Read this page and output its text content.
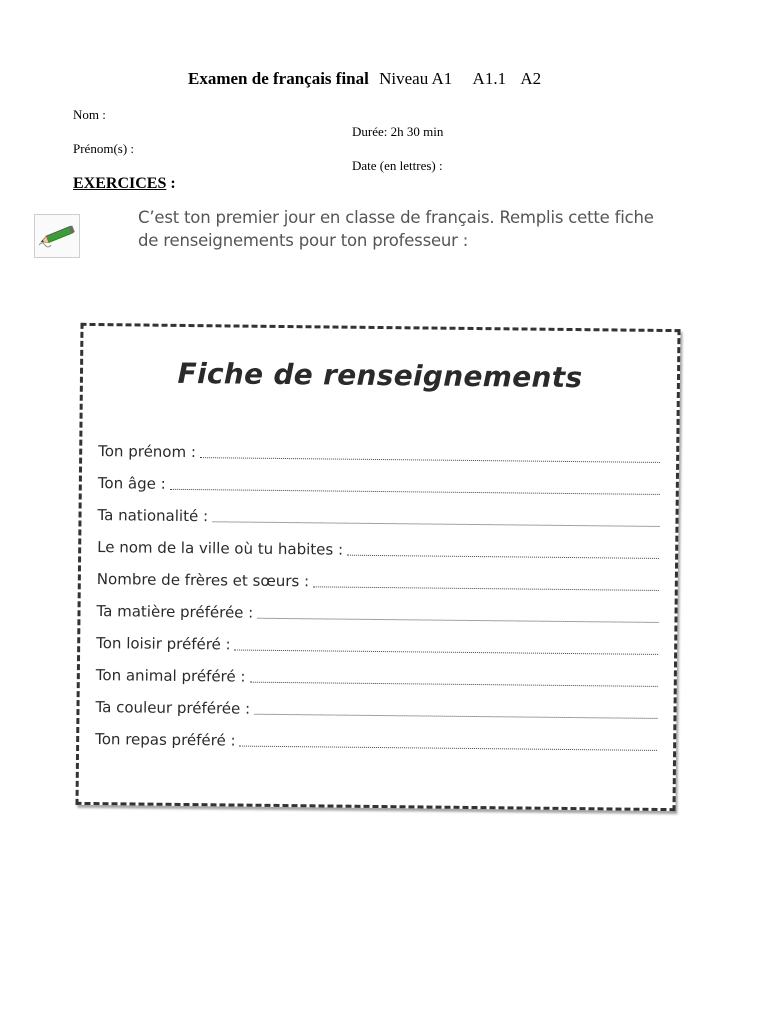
Examen de français final Niveau A1 A1.1 A2
Nom :
Durée: 2h 30 min
Prénom(s) :
Date (en lettres) :
EXERCICES :
C’est ton premier jour en classe de français. Remplis cette fiche
de renseignements pour ton professeur :
Fiche de renseignements
Ton prénom :
Ton âge :
Ta nationalité :
Le nom de la ville où tu habites :
Nombre de frères et sœurs :
Ta matière préférée :
Ton loisir préféré :
Ton animal préféré :
Ta couleur préférée :
Ton repas préféré :
